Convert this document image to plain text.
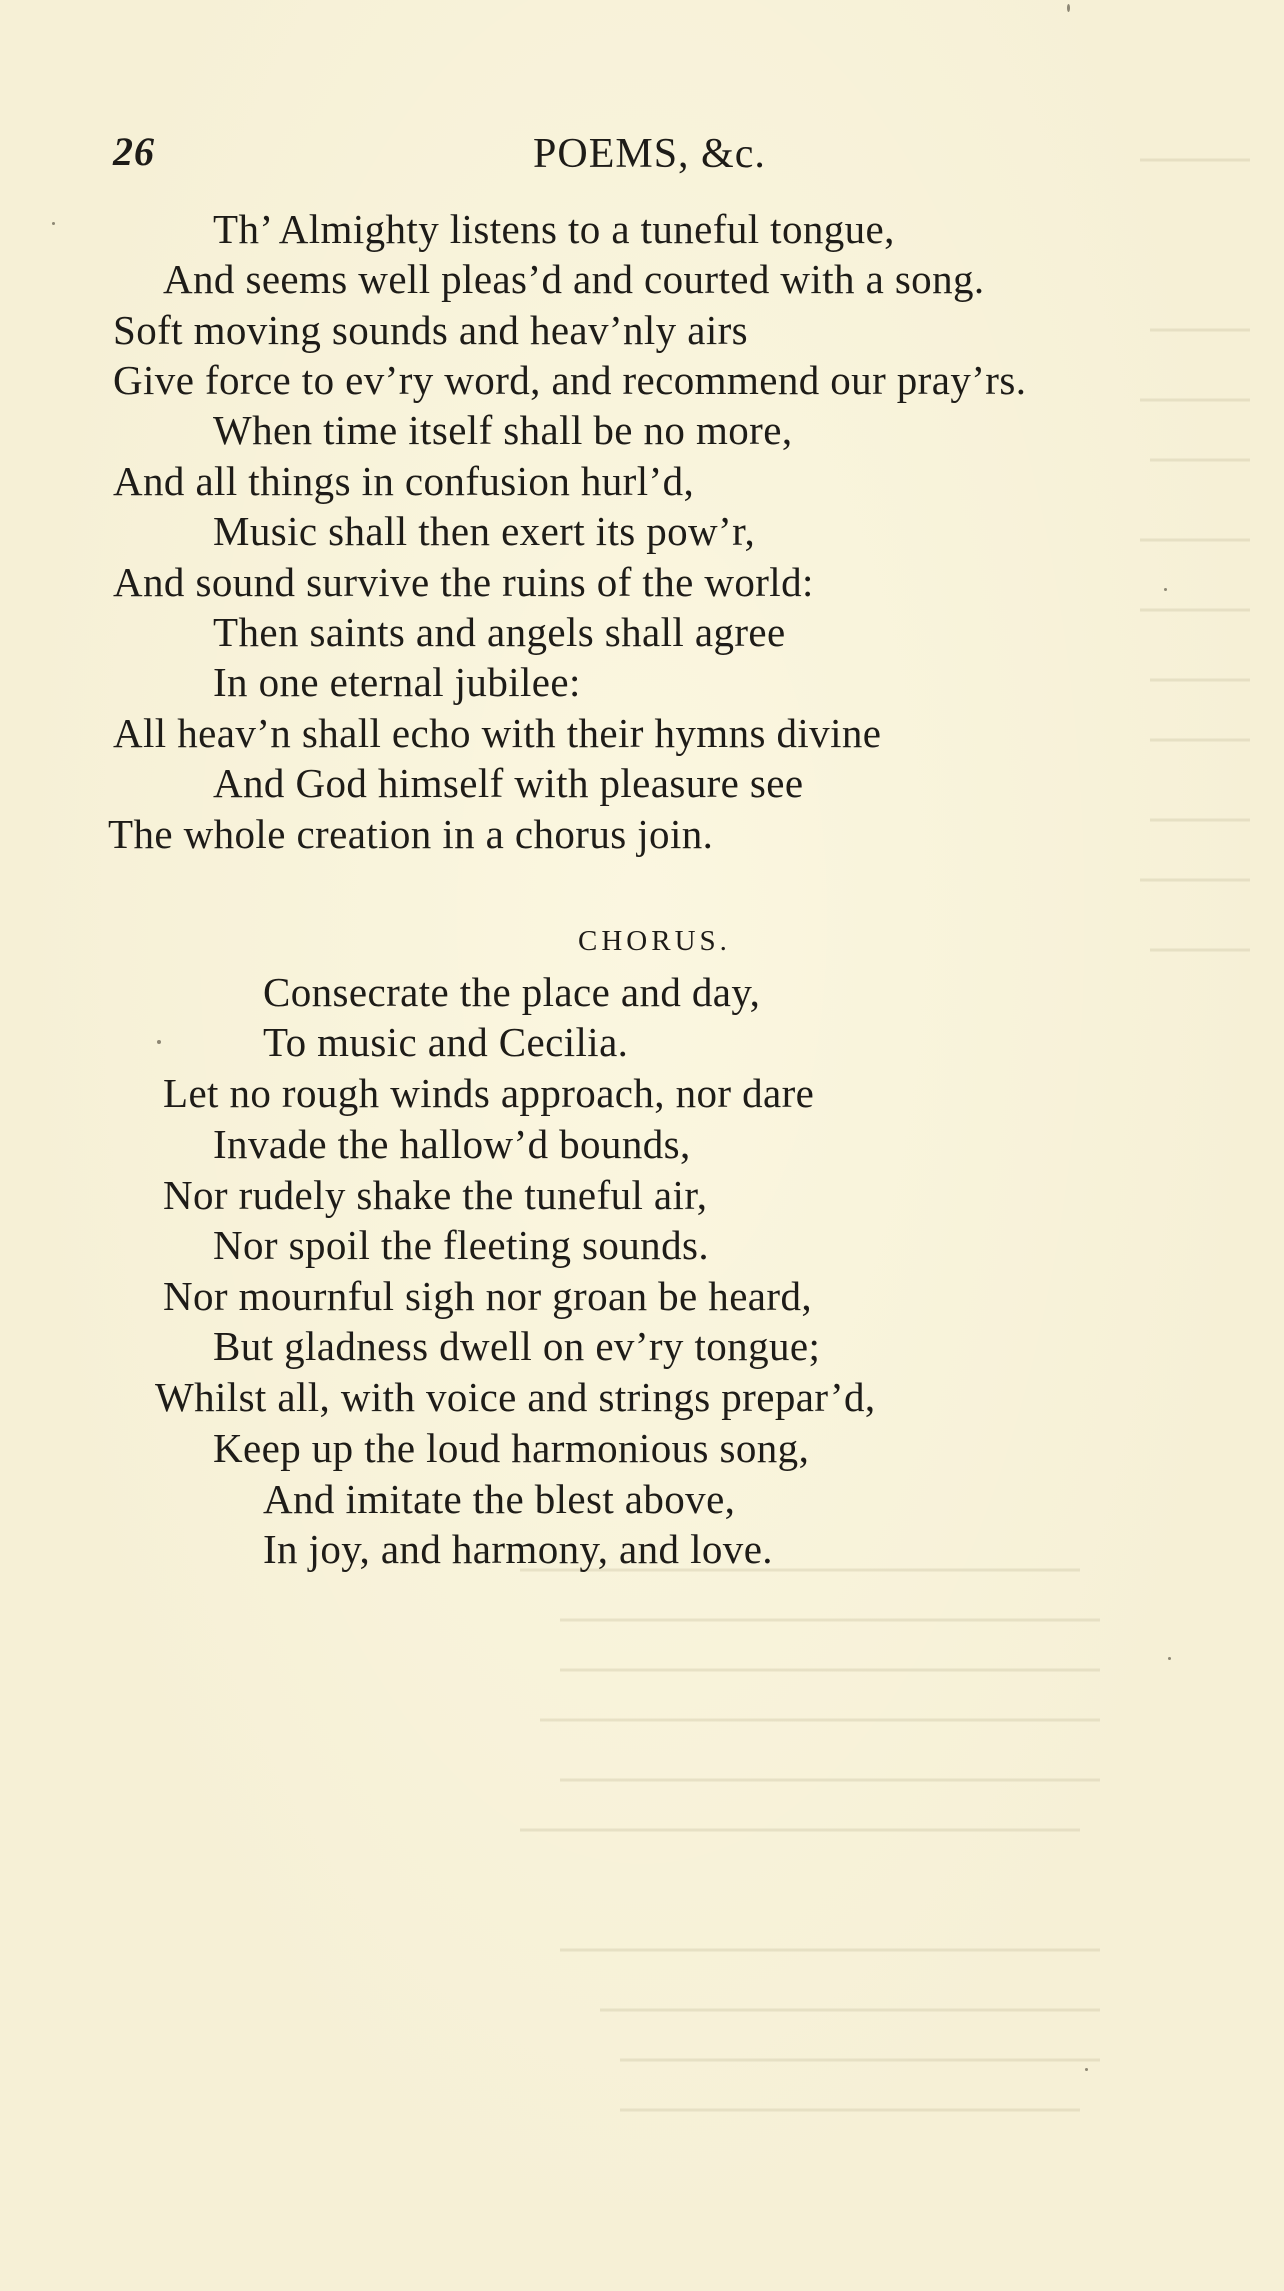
26	POEMS, &c.
Th’ Almighty listens to a tuneful tongue,
And seems well pleas’d and courted with a song.
Soft moving sounds and heav’nly airs
Give force to ev’ry word, and recommend our pray’rs.
When time itself shall be no more,
And all things in confusion hurl’d,
Music shall then exert its pow’r,
And sound survive the ruins of the world:
Then saints and angels shall agree
In one eternal jubilee:
All heav’n shall echo with their hymns divine
And God himself with pleasure see
The whole creation in a chorus join.
CHORUS.
Consecrate the place and day,
To music and Cecilia.
Let no rough winds approach, nor dare
Invade the hallow’d bounds,
Nor rudely shake the tuneful air,
Nor spoil the fleeting sounds.
Nor mournful sigh nor groan be heard,
But gladness dwell on ev’ry tongue;
Whilst all, with voice and strings prepar’d,
Keep up the loud harmonious song,
And imitate the blest above,
In joy, and harmony, and love.
